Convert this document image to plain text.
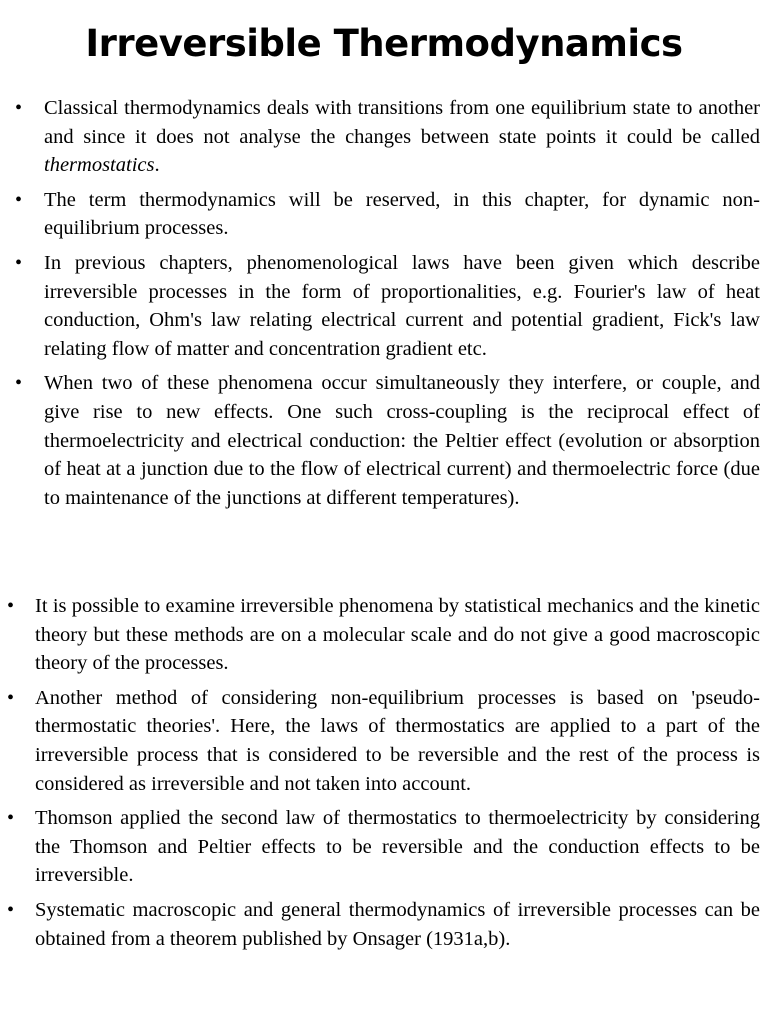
Irreversible Thermodynamics
• Classical thermodynamics deals with transitions from one equilibrium state to another and since it does not analyse the changes between state points it could be called thermostatics.
• The term thermodynamics will be reserved, in this chapter, for dynamic non-equilibrium processes.
• In previous chapters, phenomenological laws have been given which describe irreversible processes in the form of proportionalities, e.g. Fourier's law of heat conduction, Ohm's law relating electrical current and potential gradient, Fick's law relating flow of matter and concentration gradient etc.
• When two of these phenomena occur simultaneously they interfere, or couple, and give rise to new effects. One such cross-coupling is the reciprocal effect of thermoelectricity and electrical conduction: the Peltier effect (evolution or absorption of heat at a junction due to the flow of electrical current) and thermoelectric force (due to maintenance of the junctions at different temperatures).
• It is possible to examine irreversible phenomena by statistical mechanics and the kinetic theory but these methods are on a molecular scale and do not give a good macroscopic theory of the processes.
• Another method of considering non-equilibrium processes is based on 'pseudo-thermostatic theories'. Here, the laws of thermostatics are applied to a part of the irreversible process that is considered to be reversible and the rest of the process is considered as irreversible and not taken into account.
• Thomson applied the second law of thermostatics to thermoelectricity by considering the Thomson and Peltier effects to be reversible and the conduction effects to be irreversible.
• Systematic macroscopic and general thermodynamics of irreversible processes can be obtained from a theorem published by Onsager (1931a,b).
